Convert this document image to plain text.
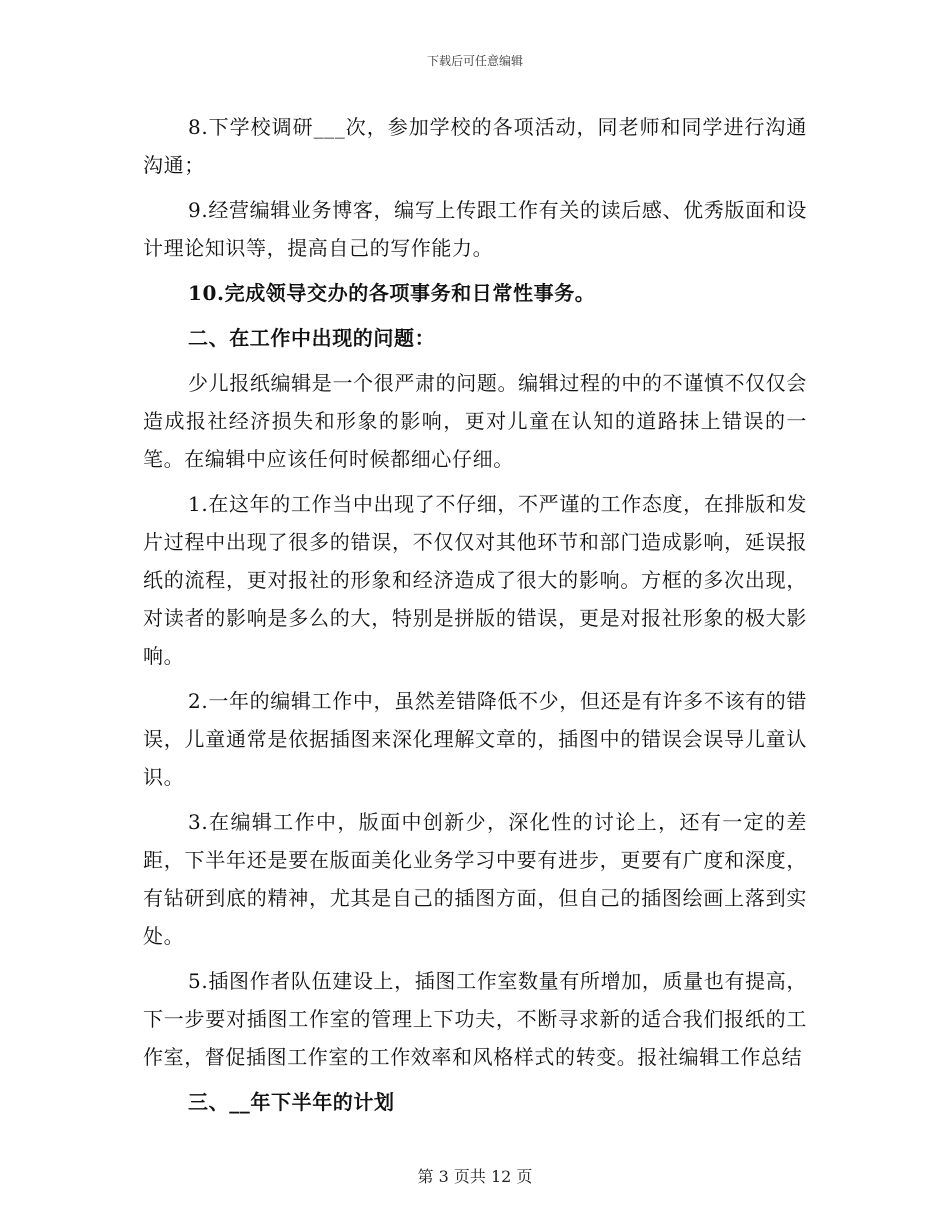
下载后可任意编辑

8.下学校调研___次，参加学校的各项活动，同老师和同学进行沟通沟通；

9.经营编辑业务博客，编写上传跟工作有关的读后感、优秀版面和设计理论知识等，提高自己的写作能力。

10.完成领导交办的各项事务和日常性事务。

二、在工作中出现的问题：

少儿报纸编辑是一个很严肃的问题。编辑过程的中的不谨慎不仅仅会造成报社经济损失和形象的影响，更对儿童在认知的道路抹上错误的一笔。在编辑中应该任何时候都细心仔细。

1.在这年的工作当中出现了不仔细，不严谨的工作态度，在排版和发片过程中出现了很多的错误，不仅仅对其他环节和部门造成影响，延误报纸的流程，更对报社的形象和经济造成了很大的影响。方框的多次出现，对读者的影响是多么的大，特别是拼版的错误，更是对报社形象的极大影响。

2.一年的编辑工作中，虽然差错降低不少，但还是有许多不该有的错误，儿童通常是依据插图来深化理解文章的，插图中的错误会误导儿童认识。

3.在编辑工作中，版面中创新少，深化性的讨论上，还有一定的差距，下半年还是要在版面美化业务学习中要有进步，更要有广度和深度，有钻研到底的精神，尤其是自己的插图方面，但自己的插图绘画上落到实处。

5.插图作者队伍建设上，插图工作室数量有所增加，质量也有提高，下一步要对插图工作室的管理上下功夫，不断寻求新的适合我们报纸的工作室，督促插图工作室的工作效率和风格样式的转变。报社编辑工作总结

三、__年下半年的计划

第 3 页共 12 页
